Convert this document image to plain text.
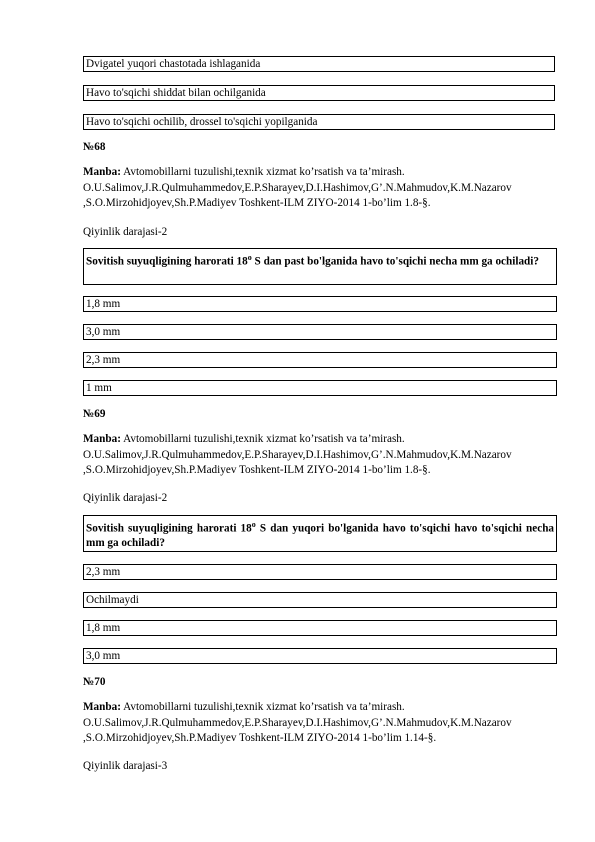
Dvigatel yuqori chastotada ishlaganida
Havo to'sqichi shiddat bilan ochilganida
Havo to'sqichi ochilib, drossel to'sqichi yopilganida
№68
Manba: Avtomobillarni tuzulishi,texnik xizmat ko’rsatish va ta’mirash.
O.U.Salimov,J.R.Qulmuhammedov,E.P.Sharayev,D.I.Hashimov,G’.N.Mahmudov,K.M.Nazarov
,S.O.Mirzohidjoyev,Sh.P.Madiyev Toshkent-ILM ZIYO-2014 1-bo’lim 1.8-§.
Qiyinlik darajasi-2
Sovitish suyuqligining harorati 18$^o$ S dan past bo'lganida havo to'sqichi necha mm ga ochiladi?
1,8 mm
3,0 mm
2,3 mm
1 mm
№69
Manba: Avtomobillarni tuzulishi,texnik xizmat ko’rsatish va ta’mirash.
O.U.Salimov,J.R.Qulmuhammedov,E.P.Sharayev,D.I.Hashimov,G’.N.Mahmudov,K.M.Nazarov
,S.O.Mirzohidjoyev,Sh.P.Madiyev Toshkent-ILM ZIYO-2014 1-bo’lim 1.8-§.
Qiyinlik darajasi-2
Sovitish suyuqligining harorati 18$^o$ S dan yuqori bo'lganida havo to'sqichi havo to'sqichi necha mm ga ochiladi?
2,3 mm
Ochilmaydi
1,8 mm
3,0 mm
№70
Manba: Avtomobillarni tuzulishi,texnik xizmat ko’rsatish va ta’mirash.
O.U.Salimov,J.R.Qulmuhammedov,E.P.Sharayev,D.I.Hashimov,G’.N.Mahmudov,K.M.Nazarov
,S.O.Mirzohidjoyev,Sh.P.Madiyev Toshkent-ILM ZIYO-2014 1-bo’lim 1.14-§.
Qiyinlik darajasi-3
